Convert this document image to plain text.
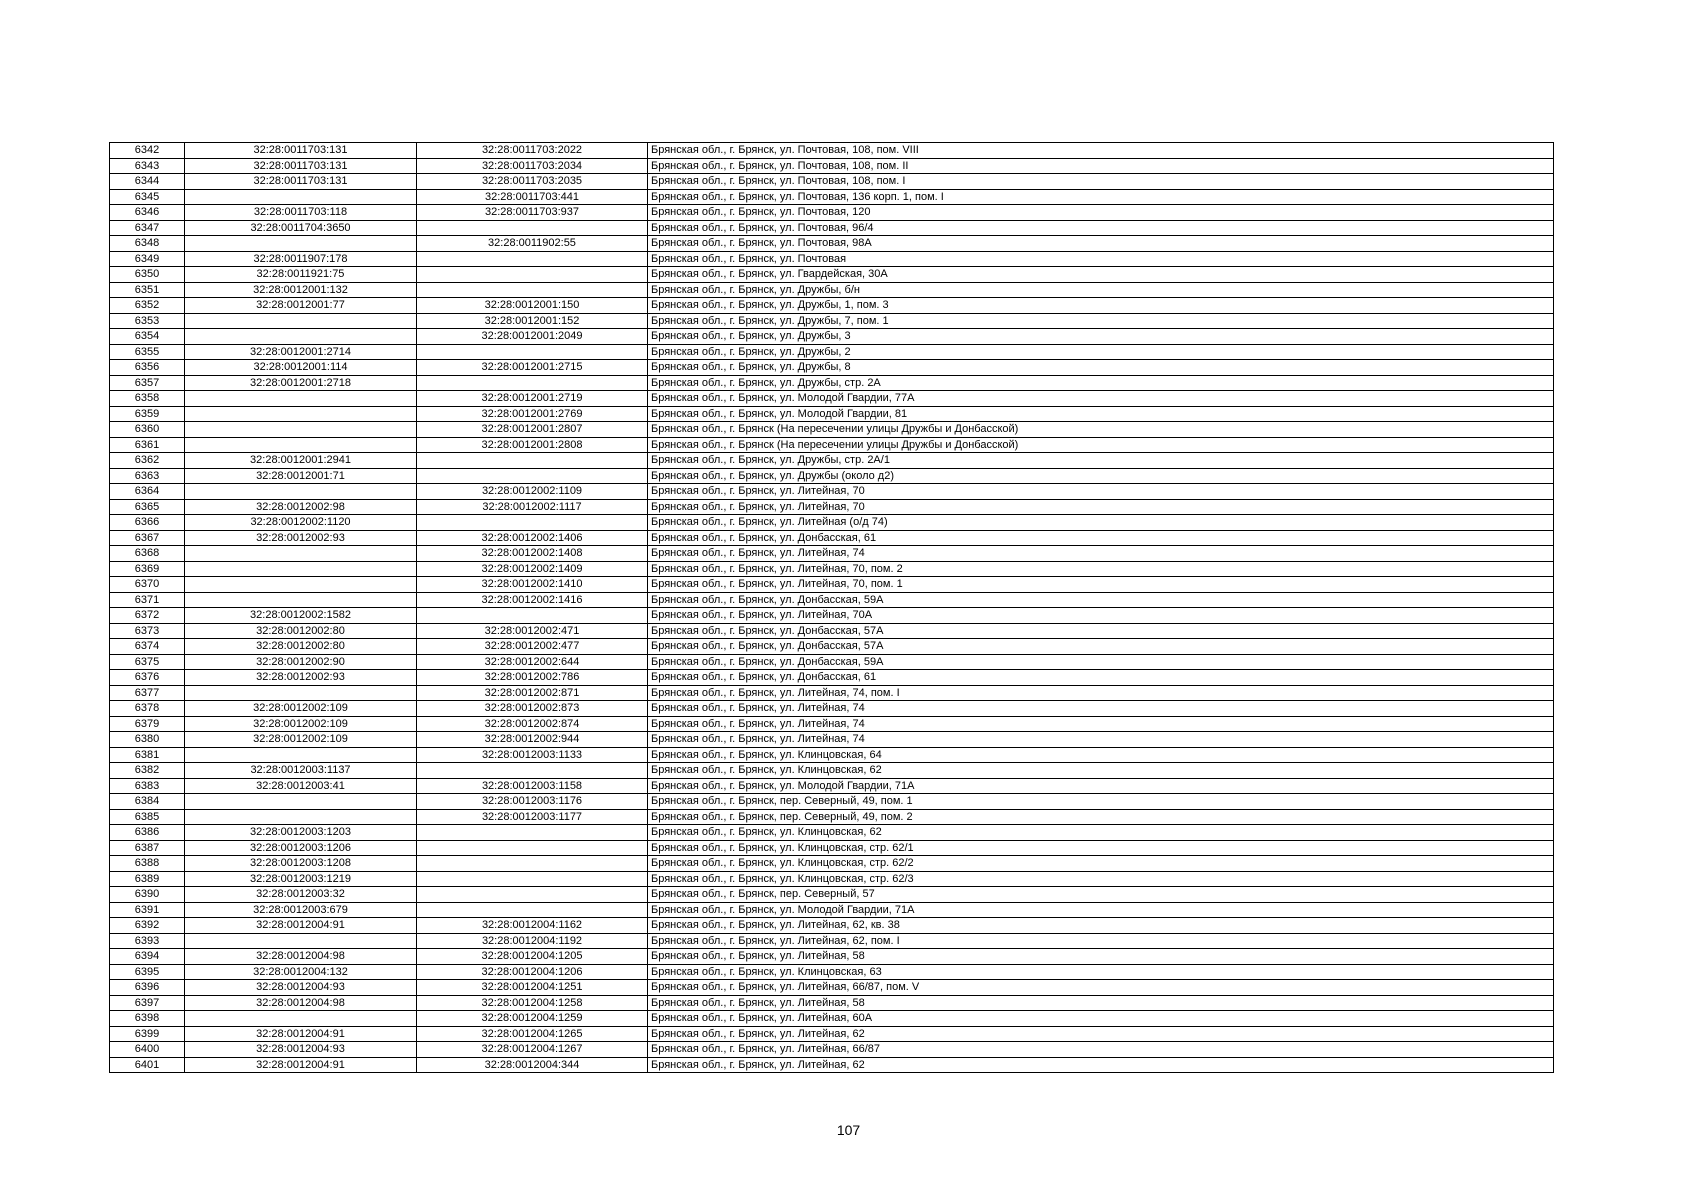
6342	32:28:0011703:131	32:28:0011703:2022	Брянская обл., г. Брянск, ул. Почтовая, 108, пом. VIII
6343	32:28:0011703:131	32:28:0011703:2034	Брянская обл., г. Брянск, ул. Почтовая, 108, пом. II
6344	32:28:0011703:131	32:28:0011703:2035	Брянская обл., г. Брянск, ул. Почтовая, 108, пом. I
6345		32:28:0011703:441	Брянская обл., г. Брянск, ул. Почтовая, 136 корп. 1, пом. I
6346	32:28:0011703:118	32:28:0011703:937	Брянская обл., г. Брянск, ул. Почтовая, 120
6347	32:28:0011704:3650		Брянская обл., г. Брянск, ул. Почтовая, 96/4
6348		32:28:0011902:55	Брянская обл., г. Брянск, ул. Почтовая, 98А
6349	32:28:0011907:178		Брянская обл., г. Брянск, ул. Почтовая
6350	32:28:0011921:75		Брянская обл., г. Брянск, ул. Гвардейская, 30А
6351	32:28:0012001:132		Брянская обл., г. Брянск, ул. Дружбы, б/н
6352	32:28:0012001:77	32:28:0012001:150	Брянская обл., г. Брянск, ул. Дружбы, 1, пом. 3
6353		32:28:0012001:152	Брянская обл., г. Брянск, ул. Дружбы, 7, пом. 1
6354		32:28:0012001:2049	Брянская обл., г. Брянск, ул. Дружбы, 3
6355	32:28:0012001:2714		Брянская обл., г. Брянск, ул. Дружбы, 2
6356	32:28:0012001:114	32:28:0012001:2715	Брянская обл., г. Брянск, ул. Дружбы, 8
6357	32:28:0012001:2718		Брянская обл., г. Брянск, ул. Дружбы, стр. 2А
6358		32:28:0012001:2719	Брянская обл., г. Брянск, ул. Молодой Гвардии, 77А
6359		32:28:0012001:2769	Брянская обл., г. Брянск, ул. Молодой Гвардии, 81
6360		32:28:0012001:2807	Брянская обл., г. Брянск (На пересечении улицы Дружбы и Донбасской)
6361		32:28:0012001:2808	Брянская обл., г. Брянск (На пересечении улицы Дружбы и Донбасской)
6362	32:28:0012001:2941		Брянская обл., г. Брянск, ул. Дружбы, стр. 2А/1
6363	32:28:0012001:71		Брянская обл., г. Брянск, ул. Дружбы (около д2)
6364		32:28:0012002:1109	Брянская обл., г. Брянск, ул. Литейная, 70
6365	32:28:0012002:98	32:28:0012002:1117	Брянская обл., г. Брянск, ул. Литейная, 70
6366	32:28:0012002:1120		Брянская обл., г. Брянск, ул. Литейная (о/д 74)
6367	32:28:0012002:93	32:28:0012002:1406	Брянская обл., г. Брянск, ул. Донбасская, 61
6368		32:28:0012002:1408	Брянская обл., г. Брянск, ул. Литейная, 74
6369		32:28:0012002:1409	Брянская обл., г. Брянск, ул. Литейная, 70, пом. 2
6370		32:28:0012002:1410	Брянская обл., г. Брянск, ул. Литейная, 70, пом. 1
6371		32:28:0012002:1416	Брянская обл., г. Брянск, ул. Донбасская, 59А
6372	32:28:0012002:1582		Брянская обл., г. Брянск, ул. Литейная, 70А
6373	32:28:0012002:80	32:28:0012002:471	Брянская обл., г. Брянск, ул. Донбасская, 57А
6374	32:28:0012002:80	32:28:0012002:477	Брянская обл., г. Брянск, ул. Донбасская, 57А
6375	32:28:0012002:90	32:28:0012002:644	Брянская обл., г. Брянск, ул. Донбасская, 59А
6376	32:28:0012002:93	32:28:0012002:786	Брянская обл., г. Брянск, ул. Донбасская, 61
6377		32:28:0012002:871	Брянская обл., г. Брянск, ул. Литейная, 74, пом. I
6378	32:28:0012002:109	32:28:0012002:873	Брянская обл., г. Брянск, ул. Литейная, 74
6379	32:28:0012002:109	32:28:0012002:874	Брянская обл., г. Брянск, ул. Литейная, 74
6380	32:28:0012002:109	32:28:0012002:944	Брянская обл., г. Брянск, ул. Литейная, 74
6381		32:28:0012003:1133	Брянская обл., г. Брянск, ул. Клинцовская, 64
6382	32:28:0012003:1137		Брянская обл., г. Брянск, ул. Клинцовская, 62
6383	32:28:0012003:41	32:28:0012003:1158	Брянская обл., г. Брянск, ул. Молодой Гвардии, 71А
6384		32:28:0012003:1176	Брянская обл., г. Брянск, пер. Северный, 49, пом. 1
6385		32:28:0012003:1177	Брянская обл., г. Брянск, пер. Северный, 49, пом. 2
6386	32:28:0012003:1203		Брянская обл., г. Брянск, ул. Клинцовская, 62
6387	32:28:0012003:1206		Брянская обл., г. Брянск, ул. Клинцовская, стр. 62/1
6388	32:28:0012003:1208		Брянская обл., г. Брянск, ул. Клинцовская, стр. 62/2
6389	32:28:0012003:1219		Брянская обл., г. Брянск, ул. Клинцовская, стр. 62/3
6390	32:28:0012003:32		Брянская обл., г. Брянск, пер. Северный, 57
6391	32:28:0012003:679		Брянская обл., г. Брянск, ул. Молодой Гвардии, 71А
6392	32:28:0012004:91	32:28:0012004:1162	Брянская обл., г. Брянск, ул. Литейная, 62, кв. 38
6393		32:28:0012004:1192	Брянская обл., г. Брянск, ул. Литейная, 62, пом. I
6394	32:28:0012004:98	32:28:0012004:1205	Брянская обл., г. Брянск, ул. Литейная, 58
6395	32:28:0012004:132	32:28:0012004:1206	Брянская обл., г. Брянск, ул. Клинцовская, 63
6396	32:28:0012004:93	32:28:0012004:1251	Брянская обл., г. Брянск, ул. Литейная, 66/87, пом. V
6397	32:28:0012004:98	32:28:0012004:1258	Брянская обл., г. Брянск, ул. Литейная, 58
6398		32:28:0012004:1259	Брянская обл., г. Брянск, ул. Литейная, 60А
6399	32:28:0012004:91	32:28:0012004:1265	Брянская обл., г. Брянск, ул. Литейная, 62
6400	32:28:0012004:93	32:28:0012004:1267	Брянская обл., г. Брянск, ул. Литейная, 66/87
6401	32:28:0012004:91	32:28:0012004:344	Брянская обл., г. Брянск, ул. Литейная, 62
107
